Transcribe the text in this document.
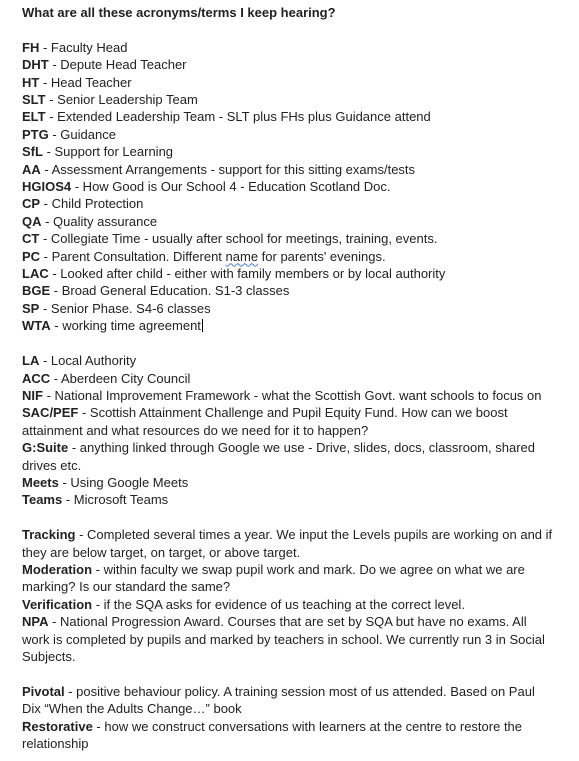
What are all these acronyms/terms I keep hearing?
FH - Faculty Head
DHT - Depute Head Teacher
HT - Head Teacher
SLT - Senior Leadership Team
ELT - Extended Leadership Team - SLT plus FHs plus Guidance attend
PTG - Guidance
SfL - Support for Learning
AA - Assessment Arrangements - support for this sitting exams/tests
HGIOS4 - How Good is Our School 4 - Education Scotland Doc.
CP - Child Protection
QA - Quality assurance
CT - Collegiate Time - usually after school for meetings, training, events.
PC - Parent Consultation. Different name for parents' evenings.
LAC - Looked after child - either with family members or by local authority
BGE - Broad General Education. S1-3 classes
SP - Senior Phase. S4-6 classes
WTA - working time agreement
LA - Local Authority
ACC - Aberdeen City Council
NIF - National Improvement Framework - what the Scottish Govt. want schools to focus on
SAC/PEF - Scottish Attainment Challenge and Pupil Equity Fund. How can we boost attainment and what resources do we need for it to happen?
G:Suite - anything linked through Google we use - Drive, slides, docs, classroom, shared drives etc.
Meets - Using Google Meets
Teams - Microsoft Teams
Tracking - Completed several times a year. We input the Levels pupils are working on and if they are below target, on target, or above target.
Moderation - within faculty we swap pupil work and mark. Do we agree on what we are marking? Is our standard the same?
Verification - if the SQA asks for evidence of us teaching at the correct level.
NPA - National Progression Award. Courses that are set by SQA but have no exams. All work is completed by pupils and marked by teachers in school. We currently run 3 in Social Subjects.
Pivotal - positive behaviour policy. A training session most of us attended. Based on Paul Dix “When the Adults Change…” book
Restorative - how we construct conversations with learners at the centre to restore the relationship
